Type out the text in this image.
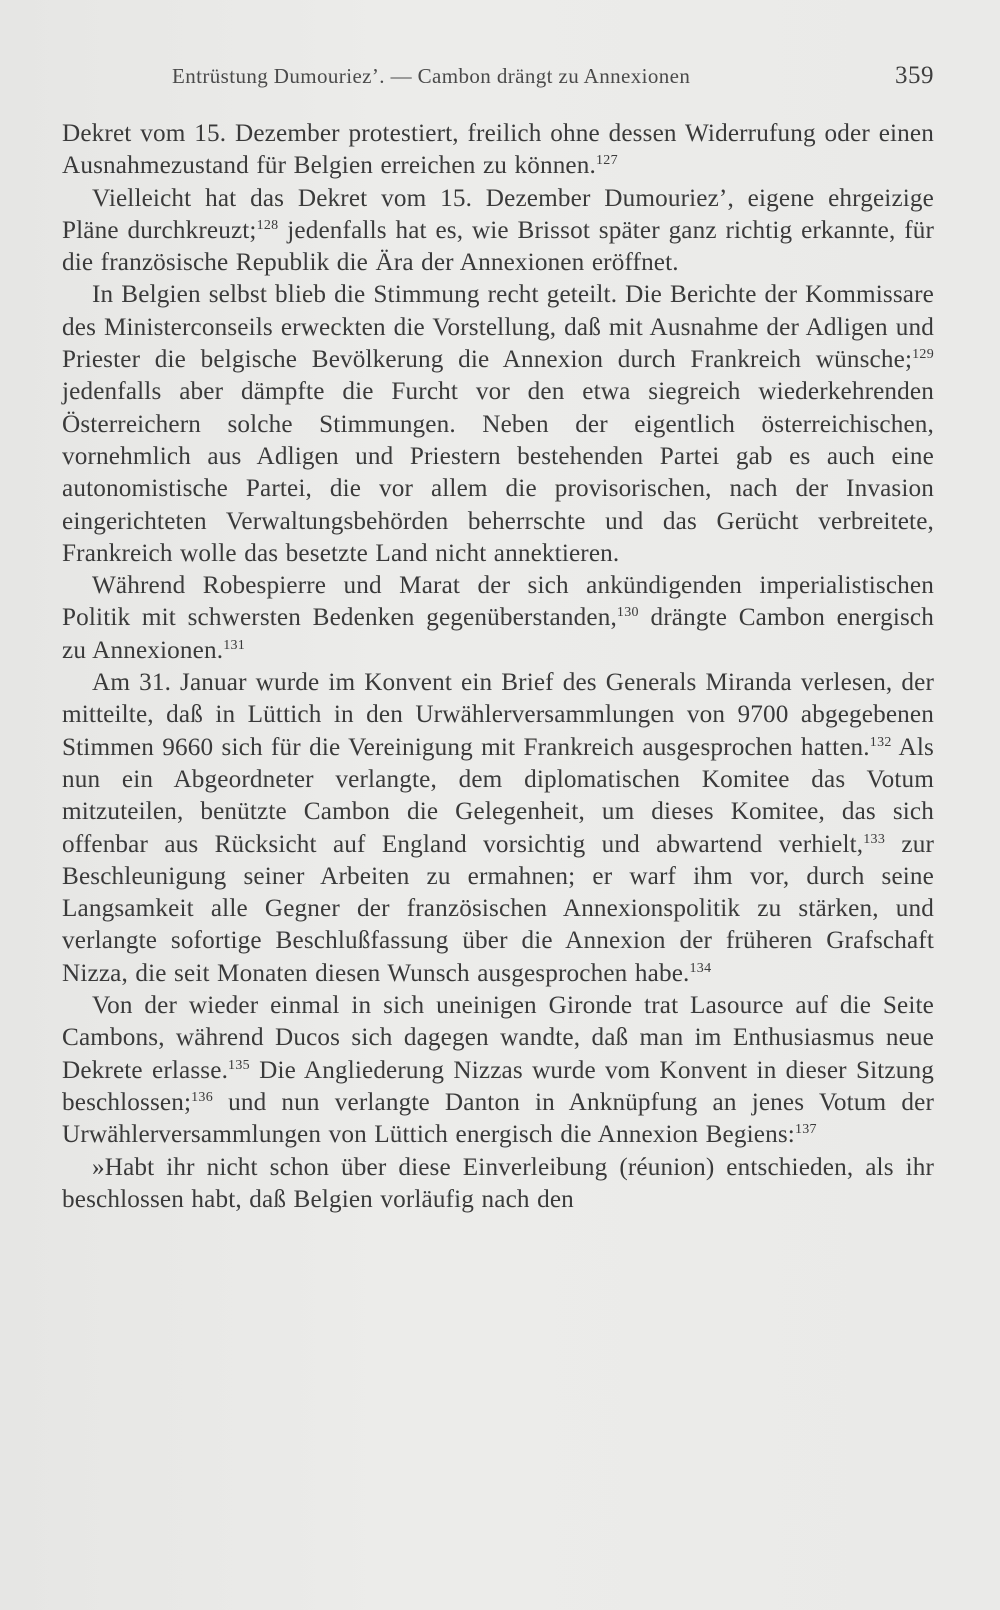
Entrüstung Dumouriez’. — Cambon drängt zu Annexionen	359

Dekret vom 15. Dezember protestiert, freilich ohne dessen Widerrufung oder einen Ausnahmezustand für Belgien erreichen zu können.$^{127}$

Vielleicht hat das Dekret vom 15. Dezember Dumouriez’, eigene ehrgeizige Pläne durchkreuzt;$^{128}$ jedenfalls hat es, wie Brissot später ganz richtig erkannte, für die französische Republik die Ära der Annexionen eröffnet.

In Belgien selbst blieb die Stimmung recht geteilt. Die Berichte der Kommissare des Ministerconseils erweckten die Vorstellung, daß mit Ausnahme der Adligen und Priester die belgische Bevölkerung die Annexion durch Frankreich wünsche;$^{129}$ jedenfalls aber dämpfte die Furcht vor den etwa siegreich wiederkehrenden Österreichern solche Stimmungen. Neben der eigentlich österreichischen, vornehmlich aus Adligen und Priestern bestehenden Partei gab es auch eine autonomistische Partei, die vor allem die provisorischen, nach der Invasion eingerichteten Verwaltungsbehörden beherrschte und das Gerücht verbreitete, Frankreich wolle das besetzte Land nicht annektieren.

Während Robespierre und Marat der sich ankündigenden imperialistischen Politik mit schwersten Bedenken gegenüberstanden,$^{130}$ drängte Cambon energisch zu Annexionen.$^{131}$

Am 31. Januar wurde im Konvent ein Brief des Generals Miranda verlesen, der mitteilte, daß in Lüttich in den Urwählerversammlungen von 9700 abgegebenen Stimmen 9660 sich für die Vereinigung mit Frankreich ausgesprochen hatten.$^{132}$ Als nun ein Abgeordneter verlangte, dem diplomatischen Komitee das Votum mitzuteilen, benützte Cambon die Gelegenheit, um dieses Komitee, das sich offenbar aus Rücksicht auf England vorsichtig und abwartend verhielt,$^{133}$ zur Beschleunigung seiner Arbeiten zu ermahnen; er warf ihm vor, durch seine Langsamkeit alle Gegner der französischen Annexionspolitik zu stärken, und verlangte sofortige Beschlußfassung über die Annexion der früheren Grafschaft Nizza, die seit Monaten diesen Wunsch ausgesprochen habe.$^{134}$

Von der wieder einmal in sich uneinigen Gironde trat Lasource auf die Seite Cambons, während Ducos sich dagegen wandte, daß man im Enthusiasmus neue Dekrete erlasse.$^{135}$ Die Angliederung Nizzas wurde vom Konvent in dieser Sitzung beschlossen;$^{136}$ und nun verlangte Danton in Anknüpfung an jenes Votum der Urwählerversammlungen von Lüttich energisch die Annexion Begiens:$^{137}$

»Habt ihr nicht schon über diese Einverleibung (réunion) entschieden, als ihr beschlossen habt, daß Belgien vorläufig nach den
